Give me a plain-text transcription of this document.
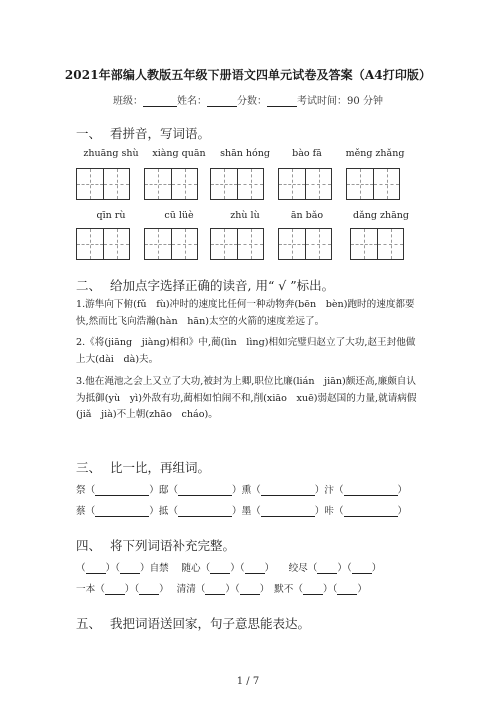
2021年部编人教版五年级下册语文四单元试卷及答案（A4打印版）
班级：	姓名：	分数：	考试时间：90 分钟
一、 看拼音，写词语。
zhuāng shù	xiàng quān	shān hóng	bào fā	měng zhǎng
qīn rù	cū lüè	zhù lù	ān bǎo	dǎng zhāng
二、 给加点字选择正确的读音, 用“ √ ”标出。
1.游隼向下俯(fǔ　fù)冲时的速度比任何一种动物奔(bēn　bèn)跑时的速度都要快,然而比飞向浩瀚(hàn　hān)太空的火箭的速度差远了。
2.《将(jiāng　jiàng)相和》中,蔺(lìn　lìng)相如完璧归赵立了大功,赵王封他做上大(dài　dà)夫。
3.他在渑池之会上又立了大功,被封为上卿,职位比廉(lián　jiān)颇还高,廉颇自认为抵御(yù　yì)外敌有功,蔺相如怕闹不和,削(xiāo　xuē)弱赵国的力量,就请病假(jiǎ　jià)不上朝(zhāo　cháo)。
三、 比一比，再组词。
祭（	）邸（	）熏（	）汴（	）
蔡（	）抵（	）墨（	）咔（	）
四、 将下列词语补充完整。
（ ）（ ）自禁　 随心（ ）（ ）　　绞尽（ ）（ ）
一本（ ）（ ）　 清清（ ）（ ）　默不（ ）（ ）
五、 我把词语送回家，句子意思能表达。
1 / 7
